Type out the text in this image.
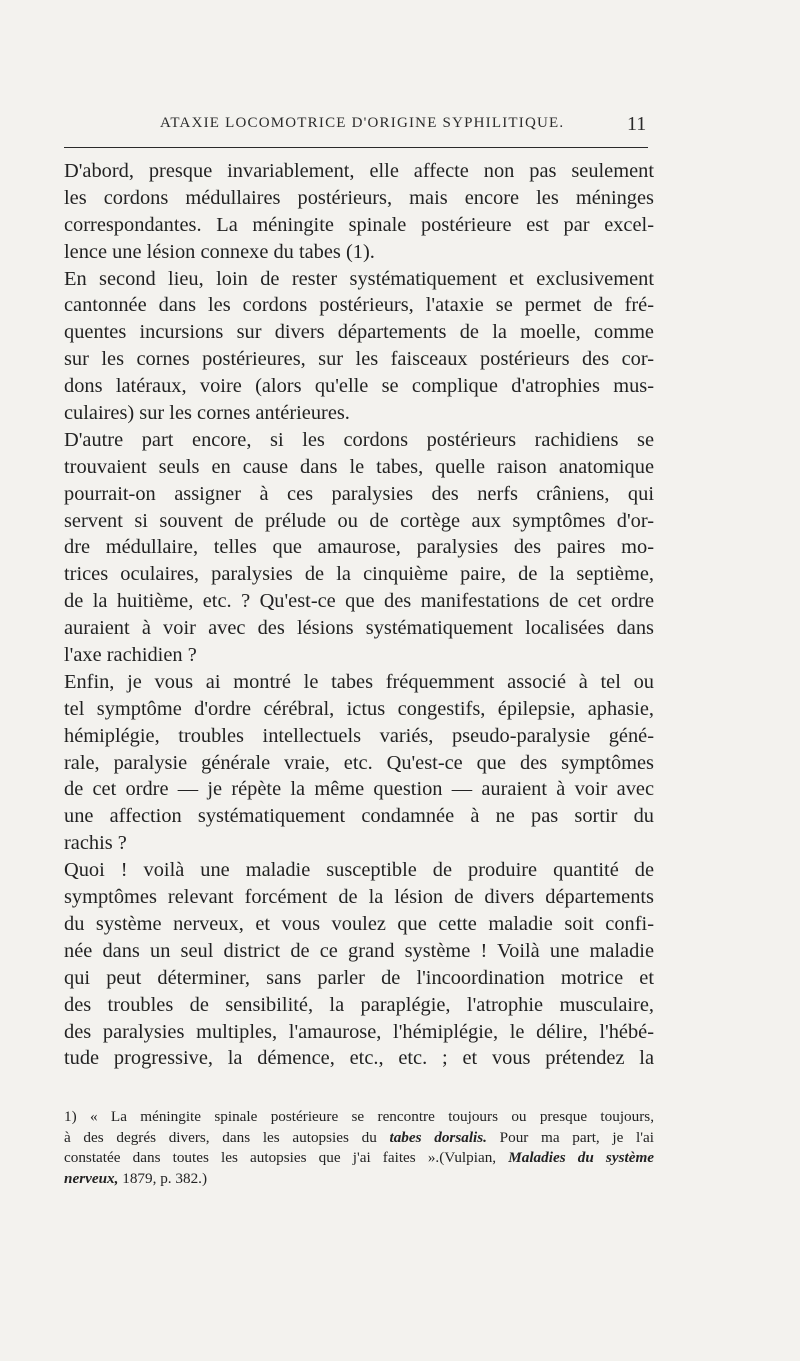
ATAXIE LOCOMOTRICE D'ORIGINE SYPHILITIQUE.	11
D'abord, presque invariablement, elle affecte non pas seulement
les cordons médullaires postérieurs, mais encore les méninges
correspondantes. La méningite spinale postérieure est par excel-
lence une lésion connexe du tabes (1).
En second lieu, loin de rester systématiquement et exclusivement
cantonnée dans les cordons postérieurs, l'ataxie se permet de fré-
quentes incursions sur divers départements de la moelle, comme
sur les cornes postérieures, sur les faisceaux postérieurs des cor-
dons latéraux, voire (alors qu'elle se complique d'atrophies mus-
culaires) sur les cornes antérieures.
D'autre part encore, si les cordons postérieurs rachidiens se
trouvaient seuls en cause dans le tabes, quelle raison anatomique
pourrait-on assigner à ces paralysies des nerfs crâniens, qui
servent si souvent de prélude ou de cortège aux symptômes d'or-
dre médullaire, telles que amaurose, paralysies des paires mo-
trices oculaires, paralysies de la cinquième paire, de la septième,
de la huitième, etc. ? Qu'est-ce que des manifestations de cet ordre
auraient à voir avec des lésions systématiquement localisées dans
l'axe rachidien ?
Enfin, je vous ai montré le tabes fréquemment associé à tel ou
tel symptôme d'ordre cérébral, ictus congestifs, épilepsie, aphasie,
hémiplégie, troubles intellectuels variés, pseudo-paralysie géné-
rale, paralysie générale vraie, etc. Qu'est-ce que des symptômes
de cet ordre — je répète la même question — auraient à voir avec
une affection systématiquement condamnée à ne pas sortir du
rachis ?
Quoi ! voilà une maladie susceptible de produire quantité de
symptômes relevant forcément de la lésion de divers départements
du système nerveux, et vous voulez que cette maladie soit confi-
née dans un seul district de ce grand système ! Voilà une maladie
qui peut déterminer, sans parler de l'incoordination motrice et
des troubles de sensibilité, la paraplégie, l'atrophie musculaire,
des paralysies multiples, l'amaurose, l'hémiplégie, le délire, l'hébé-
tude progressive, la démence, etc., etc. ; et vous prétendez la
1) « La méningite spinale postérieure se rencontre toujours ou presque toujours,
à des degrés divers, dans les autopsies du tabes dorsalis. Pour ma part, je l'ai
constatée dans toutes les autopsies que j'ai faites ».(Vulpian, Maladies du système
nerveux, 1879, p. 382.)
